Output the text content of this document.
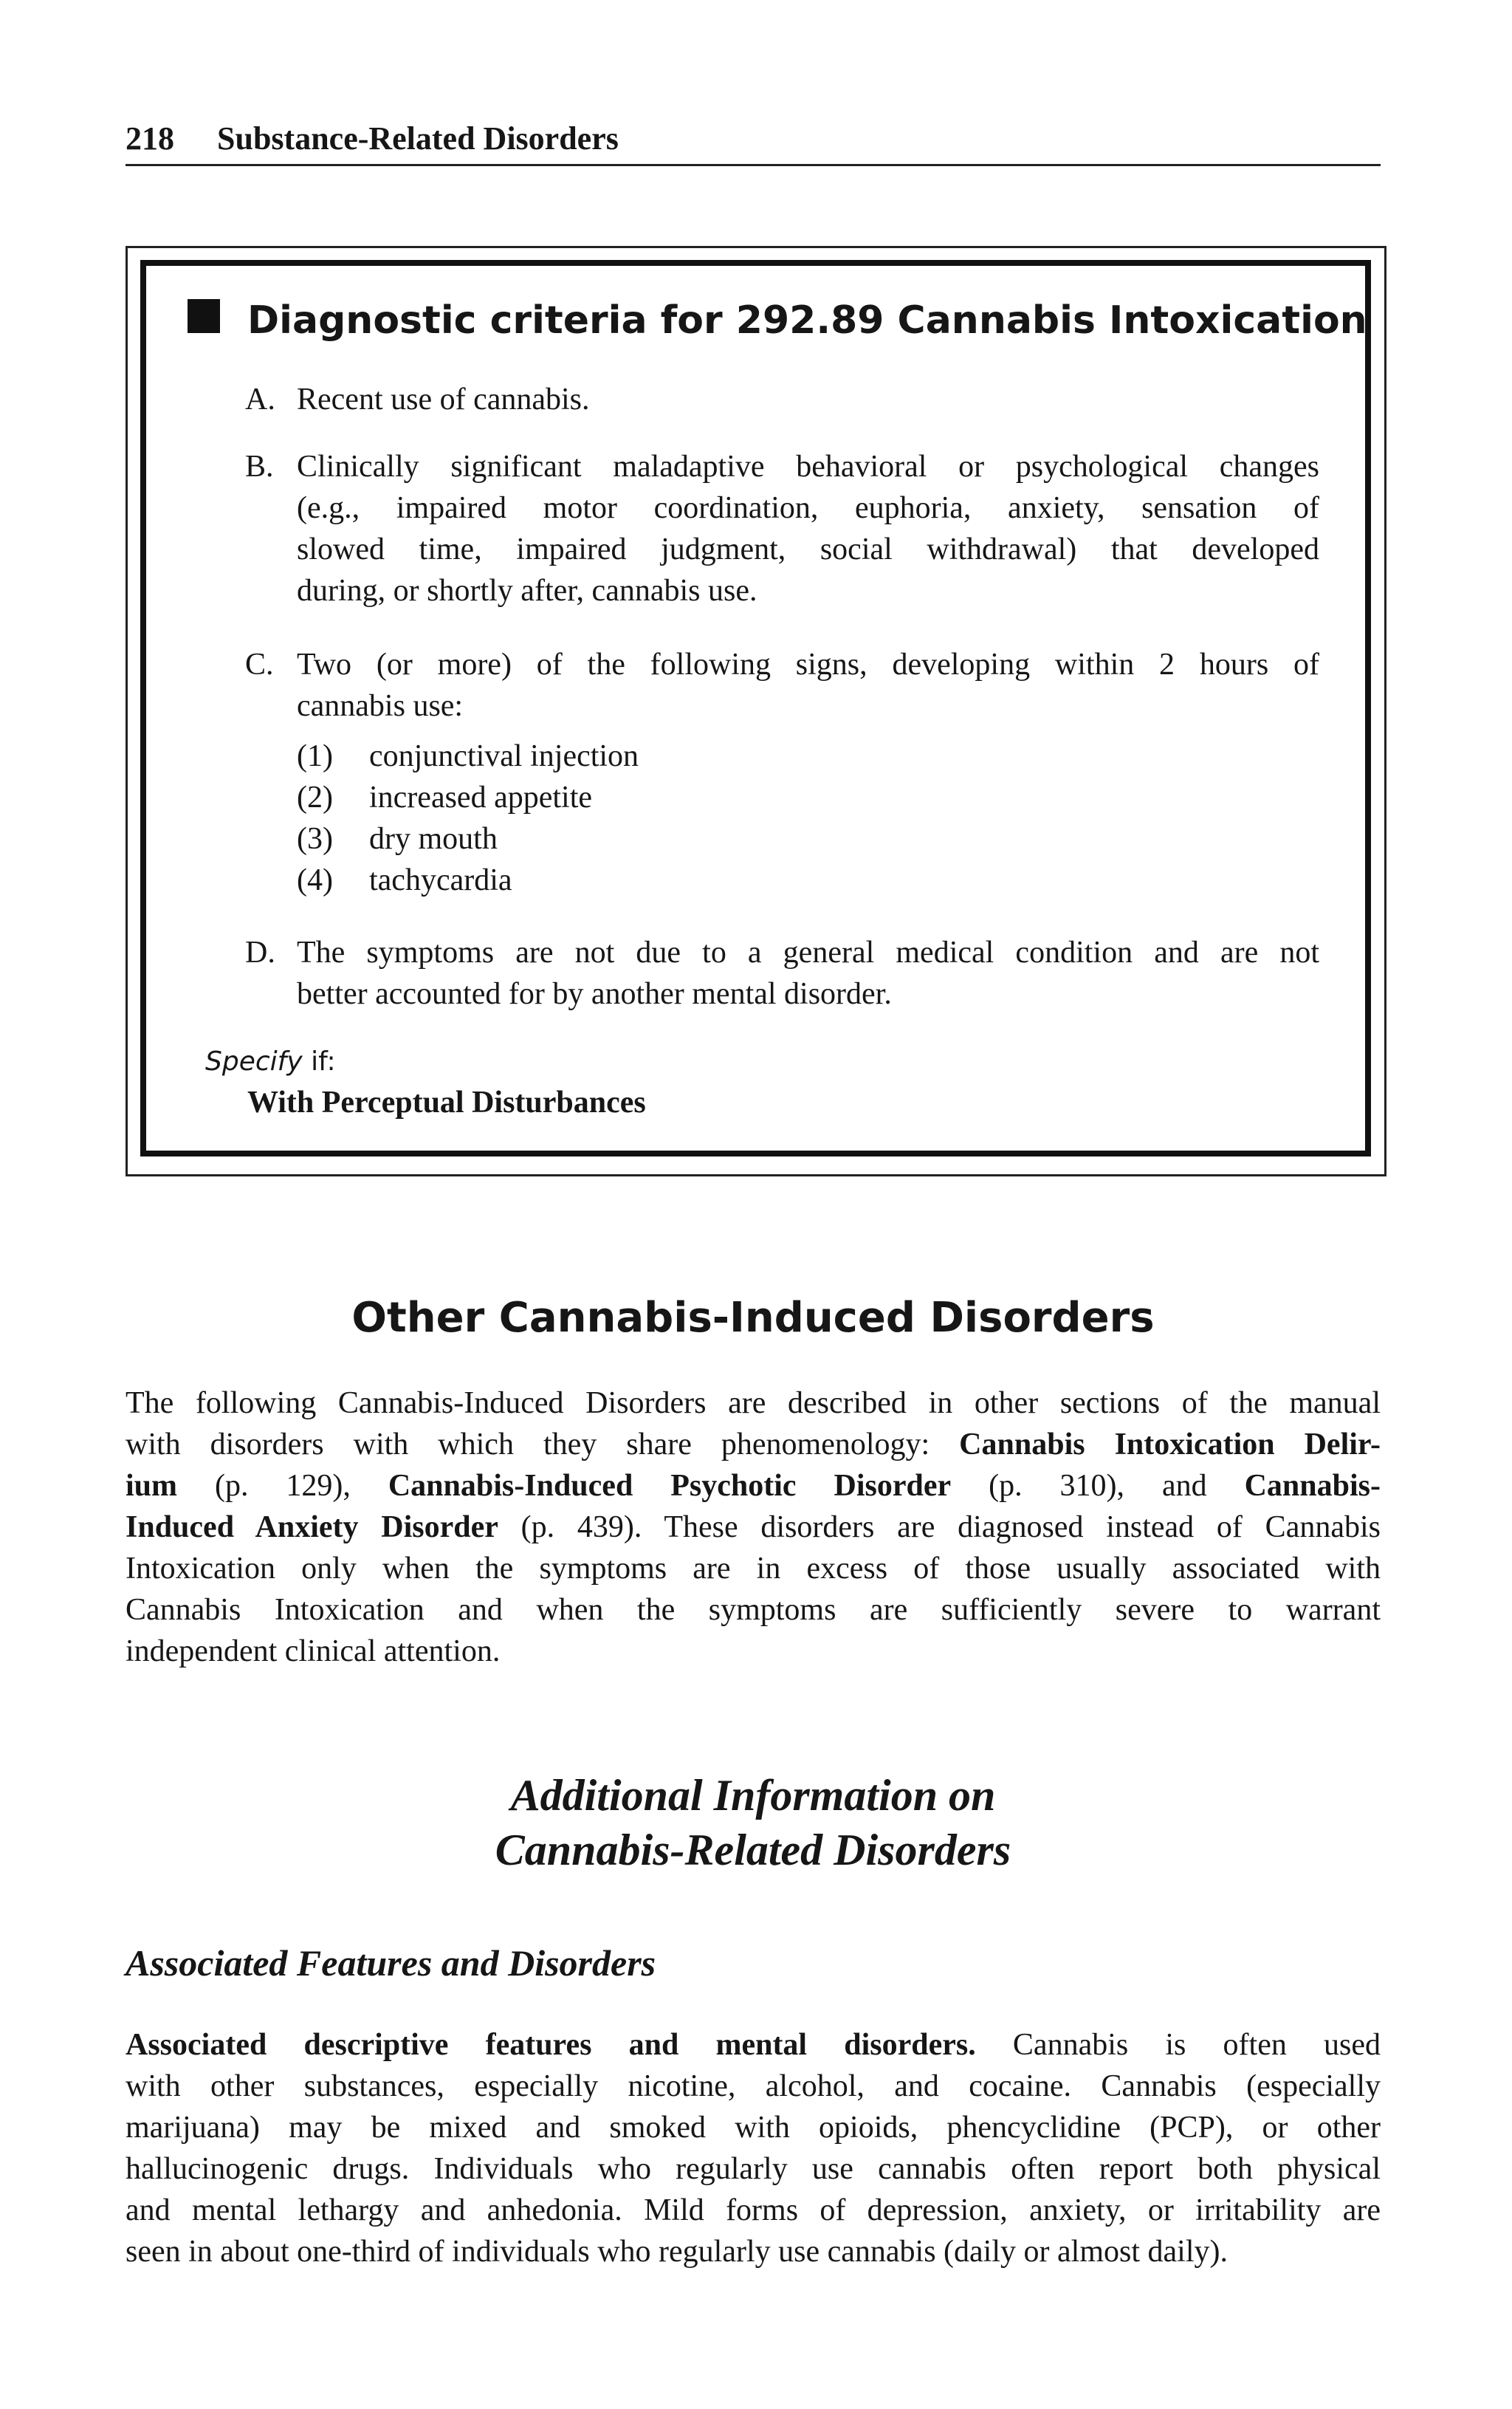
218 Substance-Related Disorders
Diagnostic criteria for 292.89 Cannabis Intoxication
A. Recent use of cannabis.
B. Clinically significant maladaptive behavioral or psychological changes
(e.g., impaired motor coordination, euphoria, anxiety, sensation of
slowed time, impaired judgment, social withdrawal) that developed
during, or shortly after, cannabis use.
C. Two (or more) of the following signs, developing within 2 hours of
cannabis use:
(1)	conjunctival injection
(2)	increased appetite
(3)	dry mouth
(4)	tachycardia
D. The symptoms are not due to a general medical condition and are not
better accounted for by another mental disorder.
Specify if:
With Perceptual Disturbances
Other Cannabis-Induced Disorders
The following Cannabis-Induced Disorders are described in other sections of the manual
with disorders with which they share phenomenology: Cannabis Intoxication Delir-
ium (p. 129), Cannabis-Induced Psychotic Disorder (p. 310), and Cannabis-
Induced Anxiety Disorder (p. 439). These disorders are diagnosed instead of Cannabis
Intoxication only when the symptoms are in excess of those usually associated with
Cannabis Intoxication and when the symptoms are sufficiently severe to warrant
independent clinical attention.
Additional Information on
Cannabis-Related Disorders
Associated Features and Disorders
Associated descriptive features and mental disorders. Cannabis is often used
with other substances, especially nicotine, alcohol, and cocaine. Cannabis (especially
marijuana) may be mixed and smoked with opioids, phencyclidine (PCP), or other
hallucinogenic drugs. Individuals who regularly use cannabis often report both physical
and mental lethargy and anhedonia. Mild forms of depression, anxiety, or irritability are
seen in about one-third of individuals who regularly use cannabis (daily or almost daily).
